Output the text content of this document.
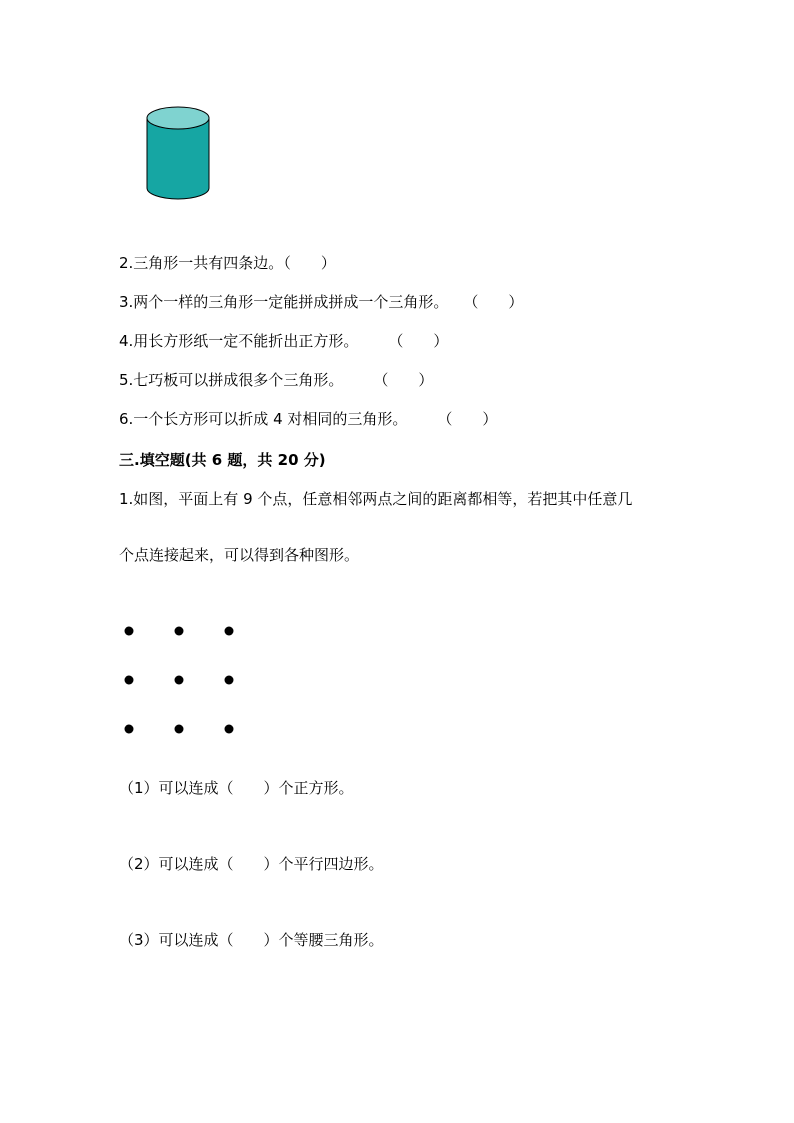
2.三角形一共有四条边。（　　）
3.两个一样的三角形一定能拼成拼成一个三角形。　　（　　）
4.用长方形纸一定不能折出正方形。　　　（　　）
5.七巧板可以拼成很多个三角形。　　　（　　）
6.一个长方形可以折成 4 对相同的三角形。　　　（　　）
三.填空题(共 6 题，共 20 分)
1.如图，平面上有 9 个点，任意相邻两点之间的距离都相等，若把其中任意几
个点连接起来，可以得到各种图形。
（1）可以连成（　　）个正方形。
（2）可以连成（　　）个平行四边形。
（3）可以连成（　　）个等腰三角形。
